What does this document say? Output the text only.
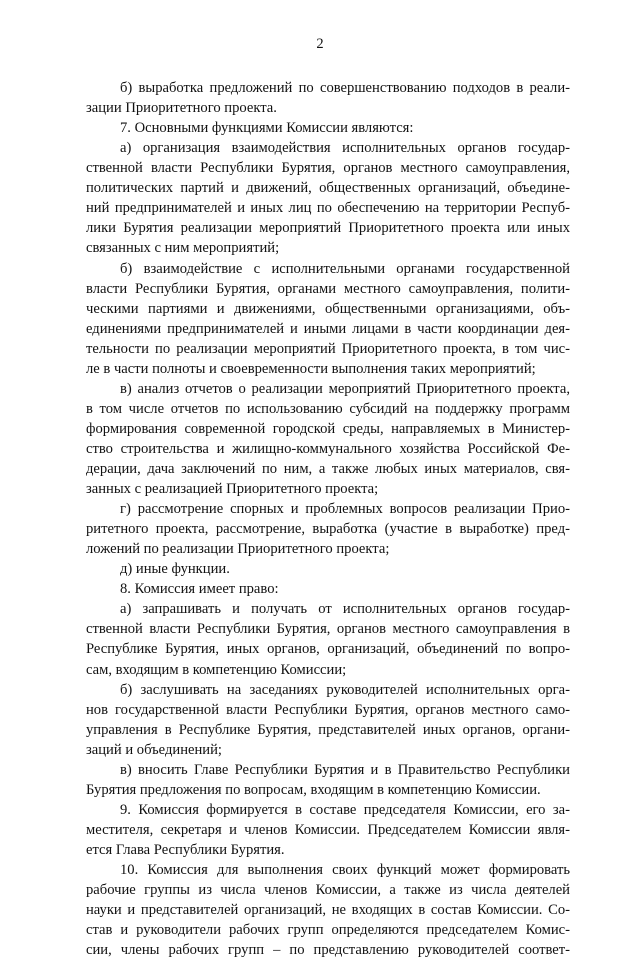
2
б) выработка предложений по совершенствованию подходов в реали-
зации Приоритетного проекта.
7. Основными функциями Комиссии являются:
а) организация взаимодействия исполнительных органов государ-
ственной власти Республики Бурятия, органов местного самоуправления,
политических партий и движений, общественных организаций, объедине-
ний предпринимателей и иных лиц по обеспечению на территории Респуб-
лики Бурятия реализации мероприятий Приоритетного проекта или иных
связанных с ним мероприятий;
б) взаимодействие с исполнительными органами государственной
власти Республики Бурятия, органами местного самоуправления, полити-
ческими партиями и движениями, общественными организациями, объ-
единениями предпринимателей и иными лицами в части координации дея-
тельности по реализации мероприятий Приоритетного проекта, в том чис-
ле в части полноты и своевременности выполнения таких мероприятий;
в) анализ отчетов о реализации мероприятий Приоритетного проекта,
в том числе отчетов по использованию субсидий на поддержку программ
формирования современной городской среды, направляемых в Министер-
ство строительства и жилищно-коммунального хозяйства Российской Фе-
дерации, дача заключений по ним, а также любых иных материалов, свя-
занных с реализацией Приоритетного проекта;
г) рассмотрение спорных и проблемных вопросов реализации Прио-
ритетного проекта, рассмотрение, выработка (участие в выработке) пред-
ложений по реализации Приоритетного проекта;
д) иные функции.
8. Комиссия имеет право:
а) запрашивать и получать от исполнительных органов государ-
ственной власти Республики Бурятия, органов местного самоуправления в
Республике Бурятия, иных органов, организаций, объединений по вопро-
сам, входящим в компетенцию Комиссии;
б) заслушивать на заседаниях руководителей исполнительных орга-
нов государственной власти Республики Бурятия, органов местного само-
управления в Республике Бурятия, представителей иных органов, органи-
заций и объединений;
в) вносить Главе Республики Бурятия и в Правительство Республики
Бурятия предложения по вопросам, входящим в компетенцию Комиссии.
9. Комиссия формируется в составе председателя Комиссии, его за-
местителя, секретаря и членов Комиссии. Председателем Комиссии явля-
ется Глава Республики Бурятия.
10. Комиссия для выполнения своих функций может формировать
рабочие группы из числа членов Комиссии, а также из числа деятелей
науки и представителей организаций, не входящих в состав Комиссии. Со-
став и руководители рабочих групп определяются председателем Комис-
сии, члены рабочих групп – по представлению руководителей соответ-
